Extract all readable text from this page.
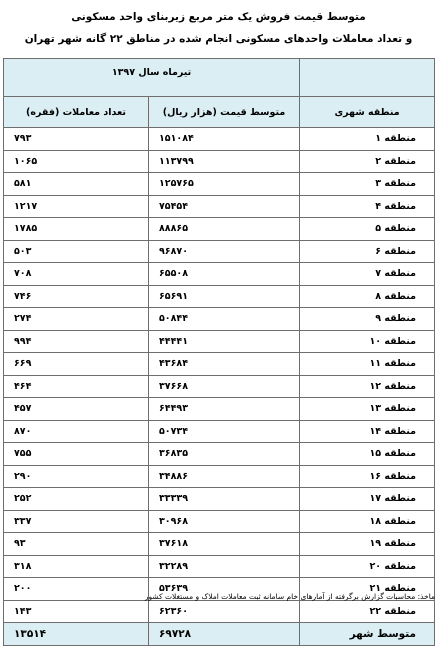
متوسط قیمت فروش یک متر مربع زیربنای واحد مسکونی
و تعداد معاملات واحدهای مسکونی انجام شده در مناطق ۲۲ گانه شهر تهران
تیرماه سال ۱۳۹۷		
تعداد معاملات (فقره)	متوسط قیمت (هزار ریال)	منطقه شهری
۷۹۳	۱۵۱۰۸۴	منطقه ۱
۱۰۶۵	۱۱۳۷۹۹	منطقه ۲
۵۸۱	۱۲۵۷۶۵	منطقه ۳
۱۲۱۷	۷۵۴۵۴	منطقه ۴
۱۷۸۵	۸۸۸۶۵	منطقه ۵
۵۰۳	۹۶۸۷۰	منطقه ۶
۷۰۸	۶۵۵۰۸	منطقه ۷
۷۴۶	۶۵۶۹۱	منطقه ۸
۲۷۴	۵۰۸۴۴	منطقه ۹
۹۹۴	۴۴۴۴۱	منطقه ۱۰
۶۶۹	۴۳۶۸۴	منطقه ۱۱
۴۶۴	۳۷۶۶۸	منطقه ۱۲
۴۵۷	۶۴۴۹۳	منطقه ۱۳
۸۷۰	۵۰۷۳۴	منطقه ۱۴
۷۵۵	۳۶۸۳۵	منطقه ۱۵
۲۹۰	۳۴۸۸۶	منطقه ۱۶
۲۵۲	۳۳۳۳۹	منطقه ۱۷
۳۳۷	۳۰۹۶۸	منطقه ۱۸
۹۳	۳۷۶۱۸	منطقه ۱۹
۳۱۸	۳۲۲۸۹	منطقه ۲۰
۲۰۰	۵۳۶۳۹	منطقه ۲۱
۱۴۳	۶۲۳۶۰	منطقه ۲۲
۱۳۵۱۴	۶۹۷۲۸	متوسط شهر
ماخذ: محاسبات گزارش برگرفته از آمارهای خام سامانه ثبت معاملات املاک و مستغلات کشور
